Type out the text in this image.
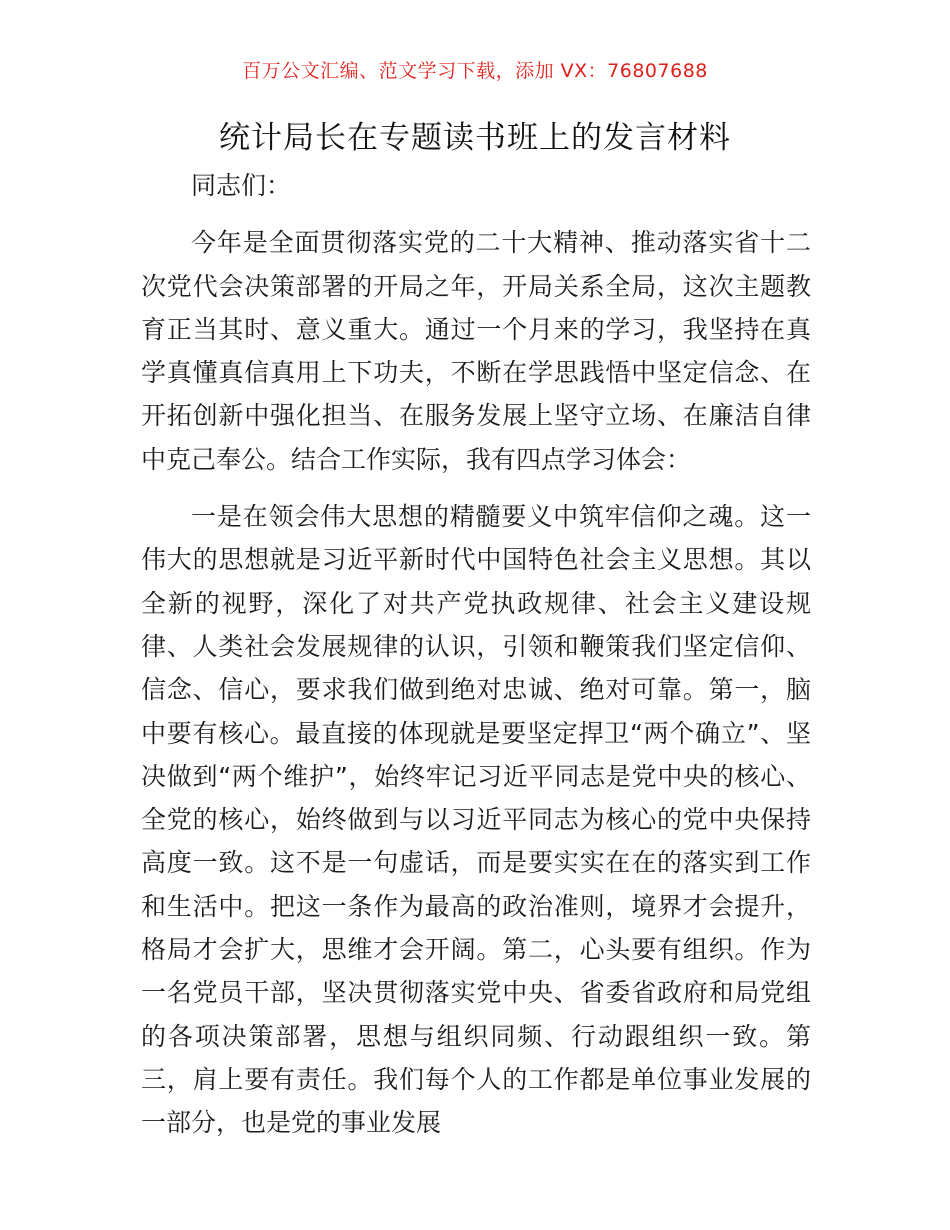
百万公文汇编、范文学习下载，添加 VX：76807688
统计局长在专题读书班上的发言材料

同志们：

今年是全面贯彻落实党的二十大精神、推动落实省十二次党代会决策部署的开局之年，开局关系全局，这次主题教育正当其时、意义重大。通过一个月来的学习，我坚持在真学真懂真信真用上下功夫，不断在学思践悟中坚定信念、在开拓创新中强化担当、在服务发展上坚守立场、在廉洁自律中克己奉公。结合工作实际，我有四点学习体会：

一是在领会伟大思想的精髓要义中筑牢信仰之魂。这一伟大的思想就是习近平新时代中国特色社会主义思想。其以全新的视野，深化了对共产党执政规律、社会主义建设规律、人类社会发展规律的认识，引领和鞭策我们坚定信仰、信念、信心，要求我们做到绝对忠诚、绝对可靠。第一，脑中要有核心。最直接的体现就是要坚定捍卫“两个确立”、坚决做到“两个维护”，始终牢记习近平同志是党中央的核心、全党的核心，始终做到与以习近平同志为核心的党中央保持高度一致。这不是一句虚话，而是要实实在在的落实到工作和生活中。把这一条作为最高的政治准则，境界才会提升，格局才会扩大，思维才会开阔。第二，心头要有组织。作为一名党员干部，坚决贯彻落实党中央、省委省政府和局党组的各项决策部署，思想与组织同频、行动跟组织一致。第三，肩上要有责任。我们每个人的工作都是单位事业发展的一部分，也是党的事业发展
